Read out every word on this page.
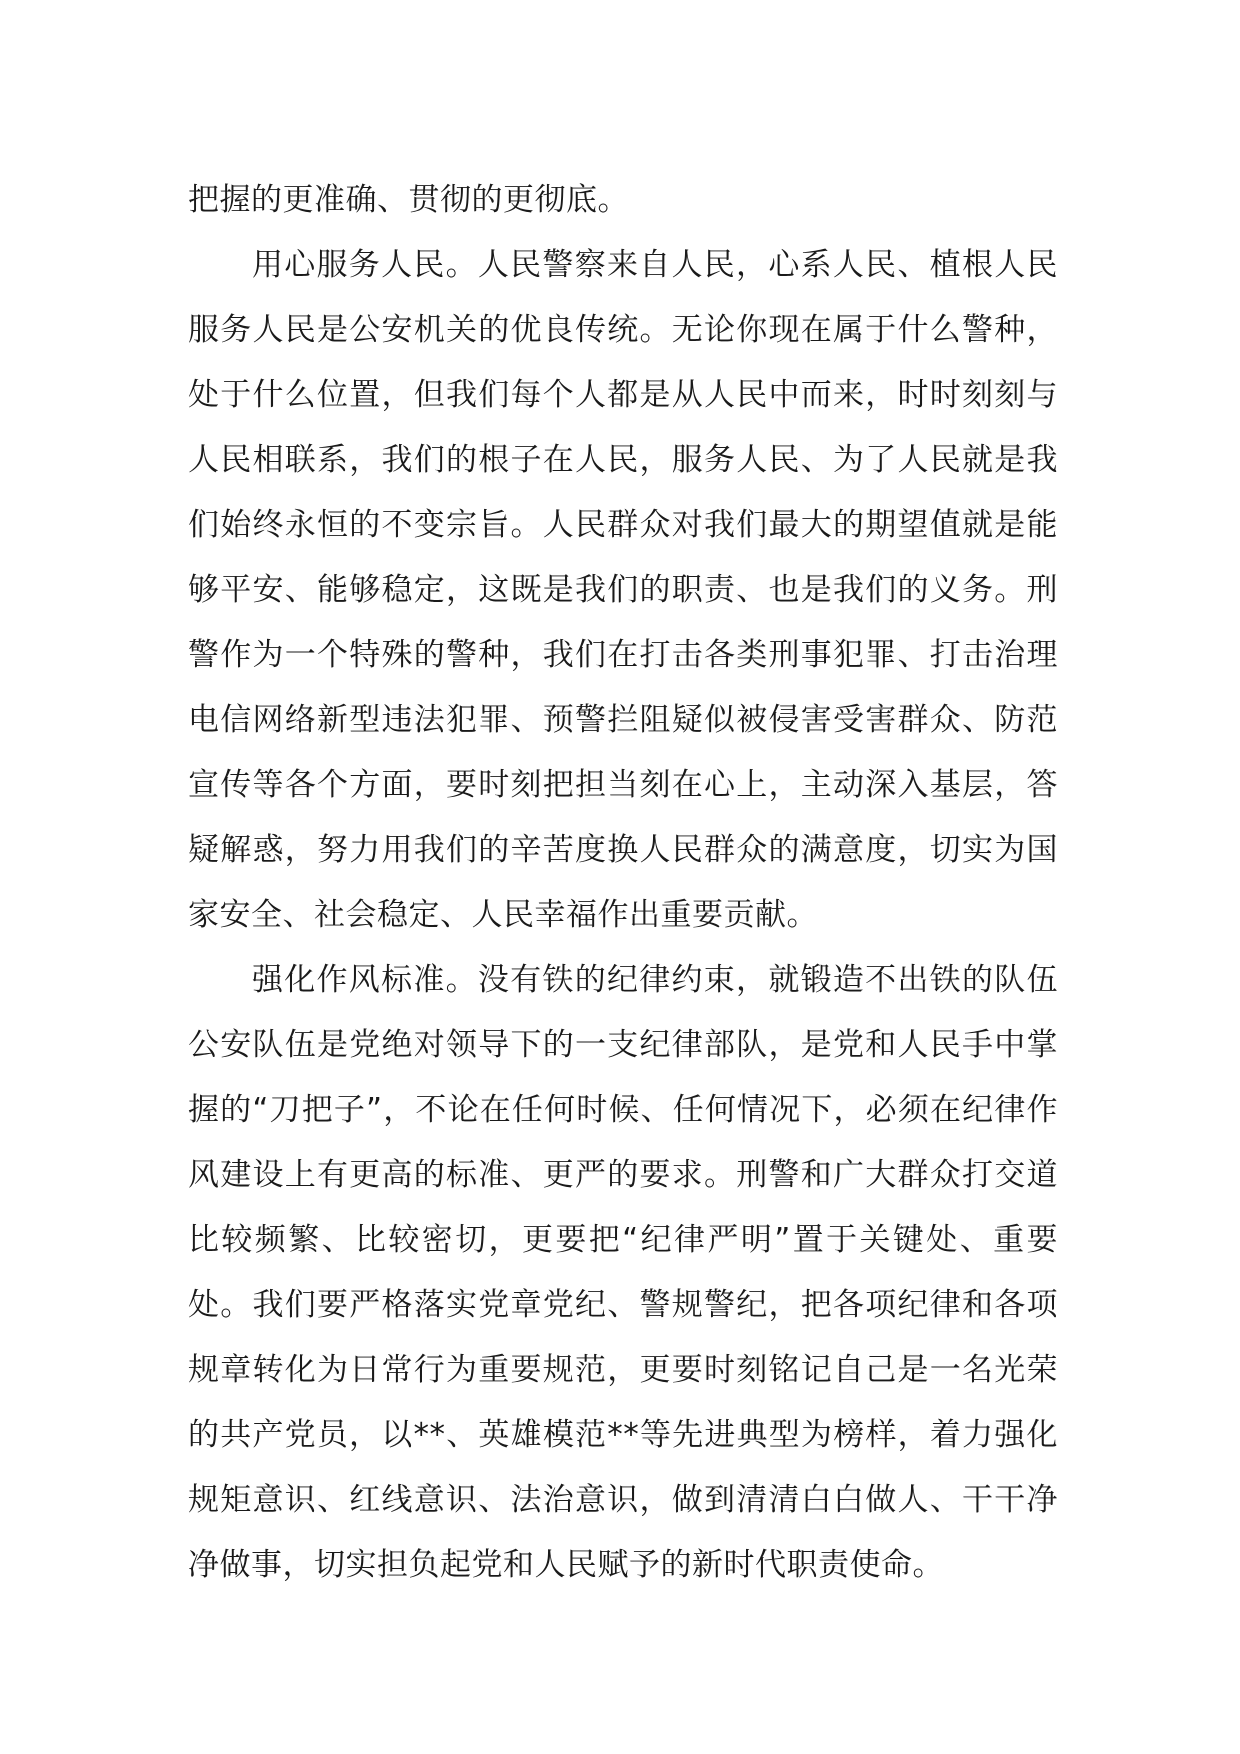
把握的更准确、贯彻的更彻底。

用心服务人民。人民警察来自人民，心系人民、植根人民服务人民是公安机关的优良传统。无论你现在属于什么警种，处于什么位置，但我们每个人都是从人民中而来，时时刻刻与人民相联系，我们的根子在人民，服务人民、为了人民就是我们始终永恒的不变宗旨。人民群众对我们最大的期望值就是能够平安、能够稳定，这既是我们的职责、也是我们的义务。刑警作为一个特殊的警种，我们在打击各类刑事犯罪、打击治理电信网络新型违法犯罪、预警拦阻疑似被侵害受害群众、防范宣传等各个方面，要时刻把担当刻在心上，主动深入基层，答疑解惑，努力用我们的辛苦度换人民群众的满意度，切实为国家安全、社会稳定、人民幸福作出重要贡献。

强化作风标准。没有铁的纪律约束，就锻造不出铁的队伍公安队伍是党绝对领导下的一支纪律部队，是党和人民手中掌握的“刀把子”，不论在任何时候、任何情况下，必须在纪律作风建设上有更高的标准、更严的要求。刑警和广大群众打交道比较频繁、比较密切，更要把“纪律严明”置于关键处、重要处。我们要严格落实党章党纪、警规警纪，把各项纪律和各项规章转化为日常行为重要规范，更要时刻铭记自己是一名光荣的共产党员，以**、英雄模范**等先进典型为榜样，着力强化规矩意识、红线意识、法治意识，做到清清白白做人、干干净净做事，切实担负起党和人民赋予的新时代职责使命。
